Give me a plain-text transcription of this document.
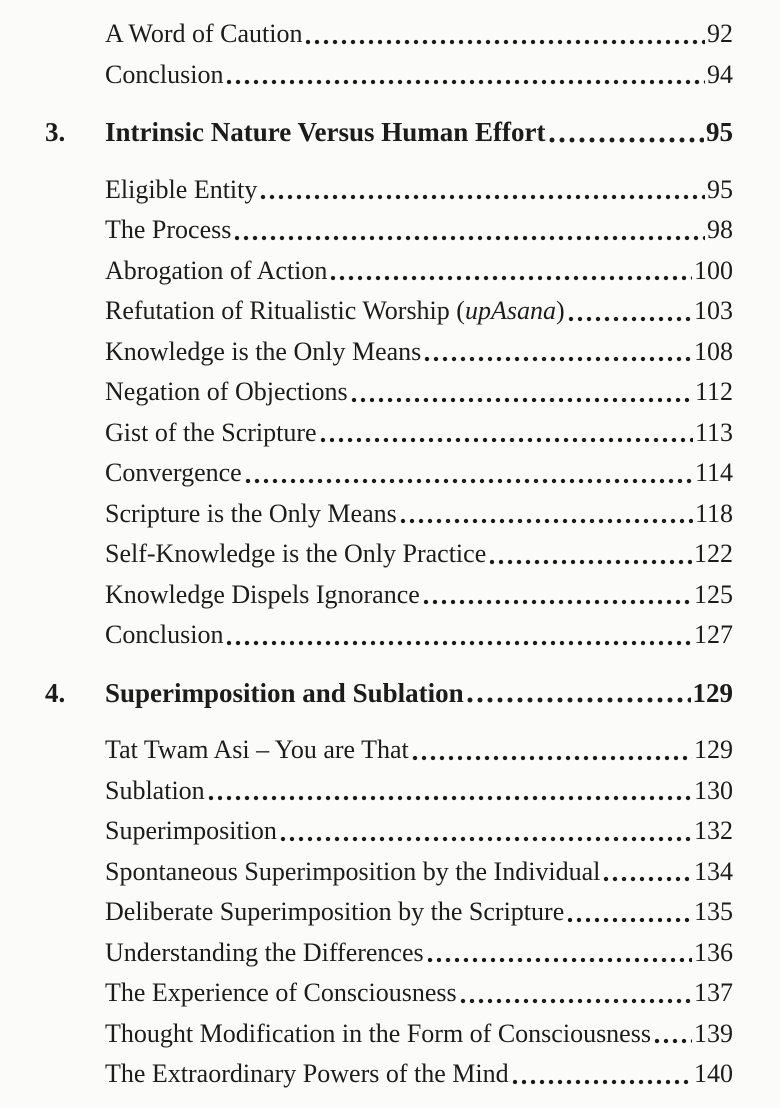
A Word of Caution	92
Conclusion	94
3.	Intrinsic Nature Versus Human Effort	95
Eligible Entity	95
The Process	98
Abrogation of Action	100
Refutation of Ritualistic Worship (upAsana)	103
Knowledge is the Only Means	108
Negation of Objections	112
Gist of the Scripture	113
Convergence	114
Scripture is the Only Means	118
Self-Knowledge is the Only Practice	122
Knowledge Dispels Ignorance	125
Conclusion	127
4.	Superimposition and Sublation	129
Tat Twam Asi – You are That	129
Sublation	130
Superimposition	132
Spontaneous Superimposition by the Individual	134
Deliberate Superimposition by the Scripture	135
Understanding the Differences	136
The Experience of Consciousness	137
Thought Modification in the Form of Consciousness 139
The Extraordinary Powers of the Mind	140
